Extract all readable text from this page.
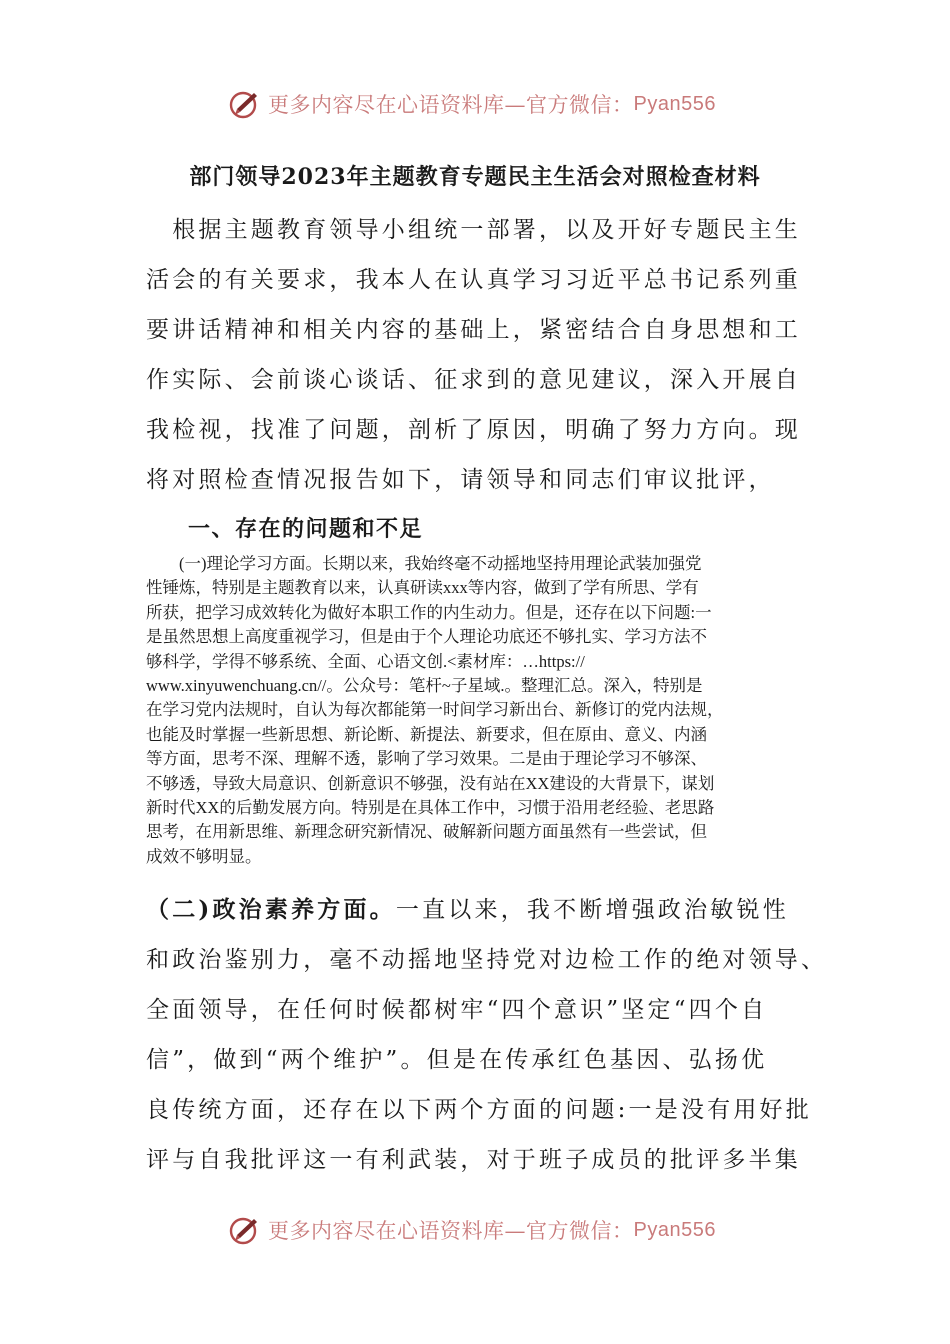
更多内容尽在心语资料库—官方微信： Pyan556
部门领导2023年主题教育专题民主生活会对照检查材料
　根据主题教育领导小组统一部署，以及开好专题民主生
活会的有关要求，我本人在认真学习习近平总书记系列重
要讲话精神和相关内容的基础上，紧密结合自身思想和工
作实际、会前谈心谈话、征求到的意见建议，深入开展自
我检视，找准了问题，剖析了原因，明确了努力方向。现
将对照检查情况报告如下，请领导和同志们审议批评，
一、存在的问题和不足
　　(一)理论学习方面。长期以来，我始终毫不动摇地坚持用理论武装加强党
性锤炼，特别是主题教育以来，认真研读xxx等内容，做到了学有所思、学有
所获，把学习成效转化为做好本职工作的内生动力。但是，还存在以下问题:一
是虽然思想上高度重视学习，但是由于个人理论功底还不够扎实、学习方法不
够科学，学得不够系统、全面、心语文创.<素材库：…https://
www.xinyuwenchuang.cn//。公众号：笔杆~子星域.。整理汇总。深入，特别是
在学习党内法规时，自认为每次都能第一时间学习新出台、新修订的党内法规，
也能及时掌握一些新思想、新论断、新提法、新要求，但在原由、意义、内涵
等方面，思考不深、理解不透，影响了学习效果。二是由于理论学习不够深、
不够透，导致大局意识、创新意识不够强，没有站在XX建设的大背景下，谋划
新时代XX的后勤发展方向。特别是在具体工作中，习惯于沿用老经验、老思路
思考，在用新思维、新理念研究新情况、破解新问题方面虽然有一些尝试，但
成效不够明显。
（二)政治素养方面。一直以来，我不断增强政治敏锐性
和政治鉴别力，毫不动摇地坚持党对边检工作的绝对领导、
全面领导，在任何时候都树牢“四个意识”坚定“四个自
信”，做到“两个维护”。但是在传承红色基因、弘扬优
良传统方面，还存在以下两个方面的问题:一是没有用好批
评与自我批评这一有利武装，对于班子成员的批评多半集
更多内容尽在心语资料库—官方微信： Pyan556
